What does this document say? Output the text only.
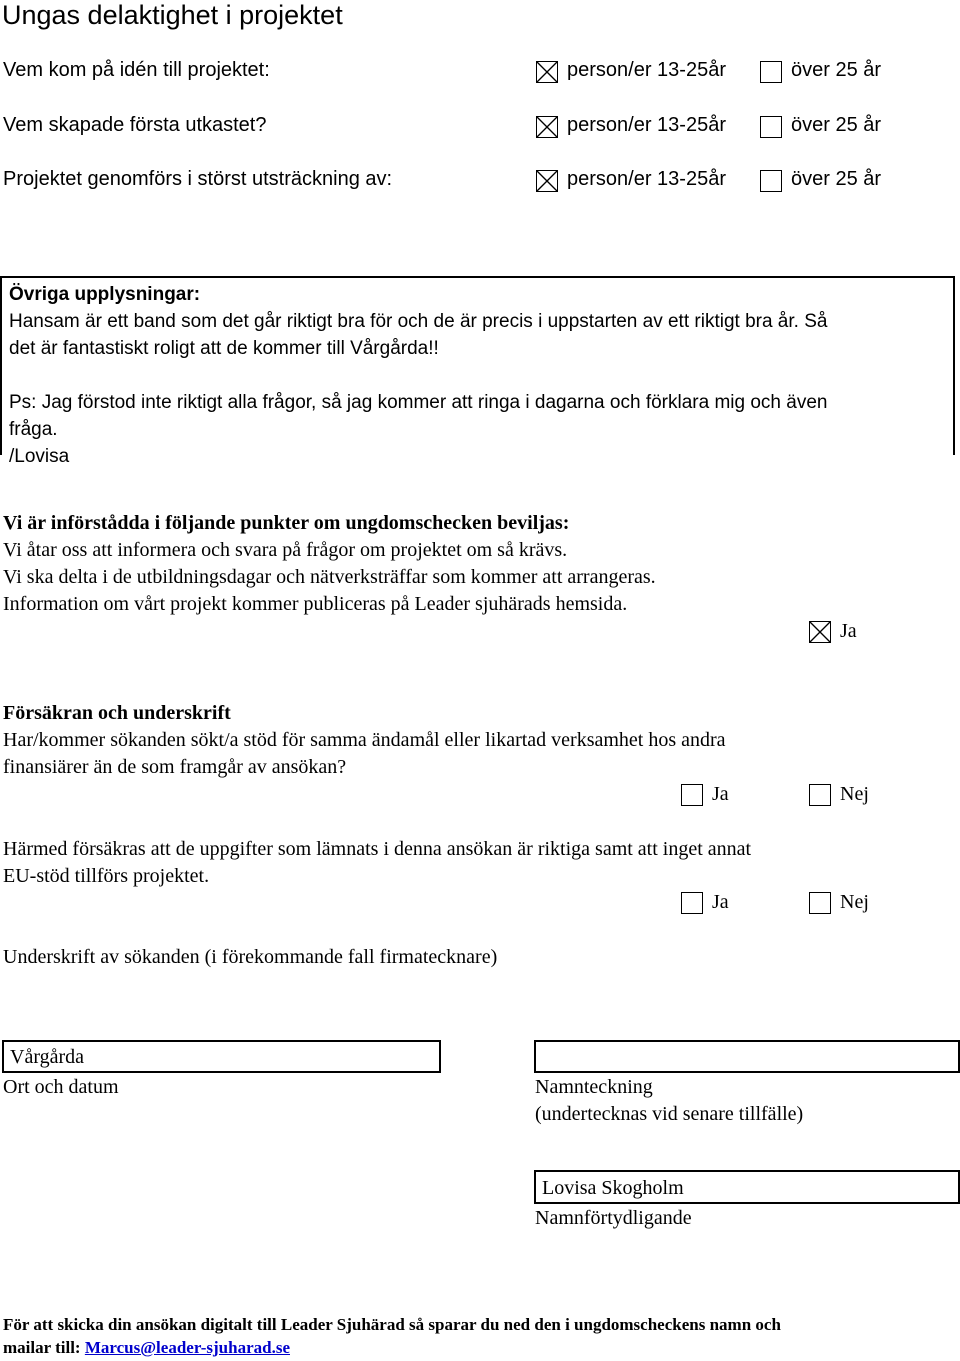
Ungas delaktighet i projektet
Vem kom på idén till projektet:	person/er 13-25år	över 25 år
Vem skapade första utkastet?	person/er 13-25år	över 25 år
Projektet genomförs i störst utsträckning av:	person/er 13-25år	över 25 år
Övriga upplysningar:
Hansam är ett band som det går riktigt bra för och de är precis i uppstarten av ett riktigt bra år. Så
det är fantastiskt roligt att de kommer till Vårgårda!!
Ps: Jag förstod inte riktigt alla frågor, så jag kommer att ringa i dagarna och förklara mig och även
fråga.
/Lovisa
Vi är införstådda i följande punkter om ungdomschecken beviljas:
Vi åtar oss att informera och svara på frågor om projektet om så krävs.
Vi ska delta i de utbildningsdagar och nätverksträffar som kommer att arrangeras.
Information om vårt projekt kommer publiceras på Leader sjuhärads hemsida.
Ja
Försäkran och underskrift
Har/kommer sökanden sökt/a stöd för samma ändamål eller likartad verksamhet hos andra
finansiärer än de som framgår av ansökan?
Ja	Nej
Härmed försäkras att de uppgifter som lämnats i denna ansökan är riktiga samt att inget annat
EU-stöd tillförs projektet.
Ja	Nej
Underskrift av sökanden (i förekommande fall firmatecknare)
Vårgårda
Ort och datum	Namnteckning
(undertecknas vid senare tillfälle)
Lovisa Skogholm
Namnförtydligande
För att skicka din ansökan digitalt till Leader Sjuhärad så sparar du ned den i ungdomscheckens namn och
mailar till: Marcus@leader-sjuharad.se
